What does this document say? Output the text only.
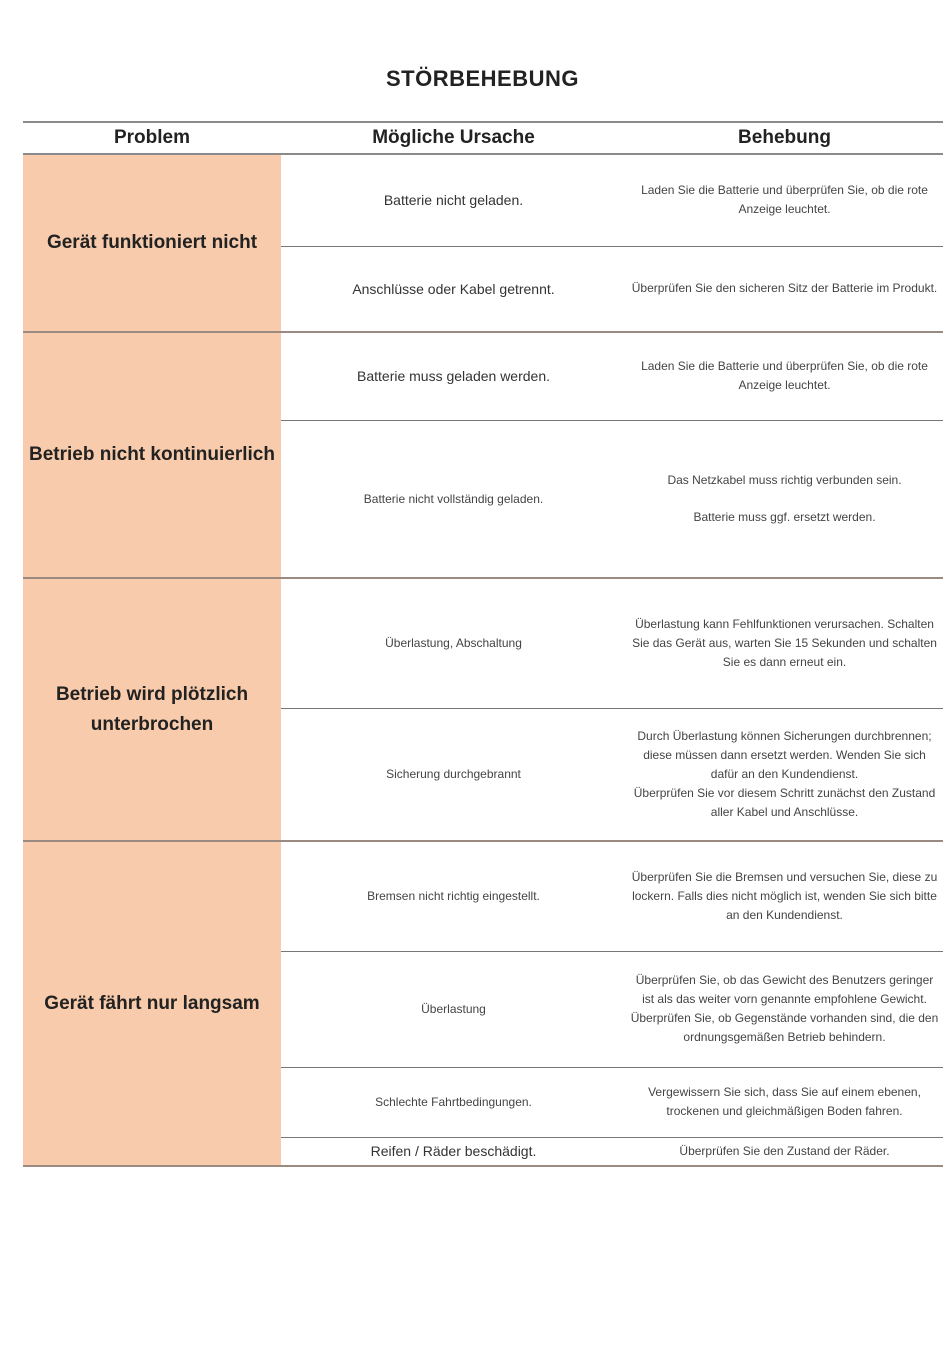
STÖRBEHEBUNG
Problem	Mögliche Ursache	Behebung
Gerät funktioniert nicht	Batterie nicht geladen.	Laden Sie die Batterie und überprüfen Sie, ob die rote Anzeige leuchtet.
	Anschlüsse oder Kabel getrennt.	Überprüfen Sie den sicheren Sitz der Batterie im Produkt.
Betrieb nicht kontinuierlich	Batterie muss geladen werden.	Laden Sie die Batterie und überprüfen Sie, ob die rote Anzeige leuchtet.
	Batterie nicht vollständig geladen.	Das Netzkabel muss richtig verbunden sein.
Batterie muss ggf. ersetzt werden.
Betrieb wird plötzlich unterbrochen	Überlastung, Abschaltung	Überlastung kann Fehlfunktionen verursachen. Schalten Sie das Gerät aus, warten Sie 15 Sekunden und schalten Sie es dann erneut ein.
	Sicherung durchgebrannt	Durch Überlastung können Sicherungen durchbrennen; diese müssen dann ersetzt werden. Wenden Sie sich dafür an den Kundendienst.
Überprüfen Sie vor diesem Schritt zunächst den Zustand aller Kabel und Anschlüsse.
Gerät fährt nur langsam	Bremsen nicht richtig eingestellt.	Überprüfen Sie die Bremsen und versuchen Sie, diese zu lockern. Falls dies nicht möglich ist, wenden Sie sich bitte an den Kundendienst.
	Überlastung	Überprüfen Sie, ob das Gewicht des Benutzers geringer ist als das weiter vorn genannte empfohlene Gewicht.
Überprüfen Sie, ob Gegenstände vorhanden sind, die den ordnungsgemäßen Betrieb behindern.
	Schlechte Fahrtbedingungen.	Vergewissern Sie sich, dass Sie auf einem ebenen, trockenen und gleichmäßigen Boden fahren.
	Reifen / Räder beschädigt.	Überprüfen Sie den Zustand der Räder.
